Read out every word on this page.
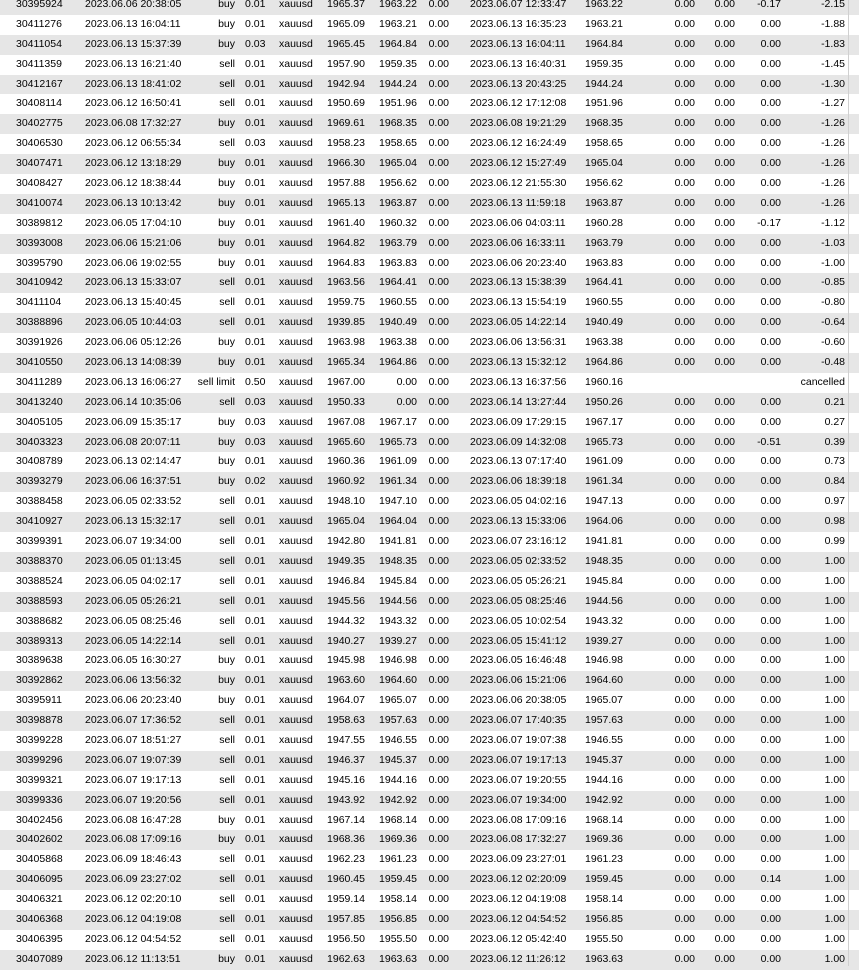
30395924	2023.06.06 20:38:05	buy 0.01	xauusd	1965.37	1963.22	0.00 2023.06.07 12:33:47	1963.22	0.00	0.00	-0.17	-2.15
30411276	2023.06.13 16:04:11	buy 0.01	xauusd	1965.09	1963.21	0.00 2023.06.13 16:35:23	1963.21	0.00	0.00	0.00	-1.88
30411054	2023.06.13 15:37:39	buy 0.03	xauusd	1965.45	1964.84	0.00 2023.06.13 16:04:11	1964.84	0.00	0.00	0.00	-1.83
30411359	2023.06.13 16:21:40	sell 0.01	xauusd	1957.90	1959.35	0.00 2023.06.13 16:40:31	1959.35	0.00	0.00	0.00	-1.45
30412167	2023.06.13 18:41:02	sell 0.01	xauusd	1942.94	1944.24	0.00 2023.06.13 20:43:25	1944.24	0.00	0.00	0.00	-1.30
30408114	2023.06.12 16:50:41	sell 0.01	xauusd	1950.69	1951.96	0.00 2023.06.12 17:12:08	1951.96	0.00	0.00	0.00	-1.27
30402775	2023.06.08 17:32:27	buy 0.01	xauusd	1969.61	1968.35	0.00 2023.06.08 19:21:29	1968.35	0.00	0.00	0.00	-1.26
30406530	2023.06.12 06:55:34	sell 0.03	xauusd	1958.23	1958.65	0.00 2023.06.12 16:24:49	1958.65	0.00	0.00	0.00	-1.26
30407471	2023.06.12 13:18:29	buy 0.01	xauusd	1966.30	1965.04	0.00 2023.06.12 15:27:49	1965.04	0.00	0.00	0.00	-1.26
30408427	2023.06.12 18:38:44	buy 0.01	xauusd	1957.88	1956.62	0.00 2023.06.12 21:55:30	1956.62	0.00	0.00	0.00	-1.26
30410074	2023.06.13 10:13:42	buy 0.01	xauusd	1965.13	1963.87	0.00 2023.06.13 11:59:18	1963.87	0.00	0.00	0.00	-1.26
30389812	2023.06.05 17:04:10	buy 0.01	xauusd	1961.40	1960.32	0.00 2023.06.06 04:03:11	1960.28	0.00	0.00	-0.17	-1.12
30393008	2023.06.06 15:21:06	buy 0.01	xauusd	1964.82	1963.79	0.00 2023.06.06 16:33:11	1963.79	0.00	0.00	0.00	-1.03
30395790	2023.06.06 19:02:55	buy 0.01	xauusd	1964.83	1963.83	0.00 2023.06.06 20:23:40	1963.83	0.00	0.00	0.00	-1.00
30410942	2023.06.13 15:33:07	sell 0.01	xauusd	1963.56	1964.41	0.00 2023.06.13 15:38:39	1964.41	0.00	0.00	0.00	-0.85
30411104	2023.06.13 15:40:45	sell 0.01	xauusd	1959.75	1960.55	0.00 2023.06.13 15:54:19	1960.55	0.00	0.00	0.00	-0.80
30388896	2023.06.05 10:44:03	sell 0.01	xauusd	1939.85	1940.49	0.00 2023.06.05 14:22:14	1940.49	0.00	0.00	0.00	-0.64
30391926	2023.06.06 05:12:26	buy 0.01	xauusd	1963.98	1963.38	0.00 2023.06.06 13:56:31	1963.38	0.00	0.00	0.00	-0.60
30410550	2023.06.13 14:08:39	buy 0.01	xauusd	1965.34	1964.86	0.00 2023.06.13 15:32:12	1964.86	0.00	0.00	0.00	-0.48
30411289	2023.06.13 16:06:27	sell limit 0.50	xauusd	1967.00	0.00	0.00 2023.06.13 16:37:56	1960.16	cancelled
30413240	2023.06.14 10:35:06	sell 0.03	xauusd	1950.33	0.00	0.00 2023.06.14 13:27:44	1950.26	0.00	0.00	0.00	0.21
30405105	2023.06.09 15:35:17	buy 0.03	xauusd	1967.08	1967.17	0.00 2023.06.09 17:29:15	1967.17	0.00	0.00	0.00	0.27
30403323	2023.06.08 20:07:11	buy 0.03	xauusd	1965.60	1965.73	0.00 2023.06.09 14:32:08	1965.73	0.00	0.00	-0.51	0.39
30408789	2023.06.13 02:14:47	buy 0.01	xauusd	1960.36	1961.09	0.00 2023.06.13 07:17:40	1961.09	0.00	0.00	0.00	0.73
30393279	2023.06.06 16:37:51	buy 0.02	xauusd	1960.92	1961.34	0.00 2023.06.06 18:39:18	1961.34	0.00	0.00	0.00	0.84
30388458	2023.06.05 02:33:52	sell 0.01	xauusd	1948.10	1947.10	0.00 2023.06.05 04:02:16	1947.13	0.00	0.00	0.00	0.97
30410927	2023.06.13 15:32:17	sell 0.01	xauusd	1965.04	1964.04	0.00 2023.06.13 15:33:06	1964.06	0.00	0.00	0.00	0.98
30399391	2023.06.07 19:34:00	sell 0.01	xauusd	1942.80	1941.81	0.00 2023.06.07 23:16:12	1941.81	0.00	0.00	0.00	0.99
30388370	2023.06.05 01:13:45	sell 0.01	xauusd	1949.35	1948.35	0.00 2023.06.05 02:33:52	1948.35	0.00	0.00	0.00	1.00
30388524	2023.06.05 04:02:17	sell 0.01	xauusd	1946.84	1945.84	0.00 2023.06.05 05:26:21	1945.84	0.00	0.00	0.00	1.00
30388593	2023.06.05 05:26:21	sell 0.01	xauusd	1945.56	1944.56	0.00 2023.06.05 08:25:46	1944.56	0.00	0.00	0.00	1.00
30388682	2023.06.05 08:25:46	sell 0.01	xauusd	1944.32	1943.32	0.00 2023.06.05 10:02:54	1943.32	0.00	0.00	0.00	1.00
30389313	2023.06.05 14:22:14	sell 0.01	xauusd	1940.27	1939.27	0.00 2023.06.05 15:41:12	1939.27	0.00	0.00	0.00	1.00
30389638	2023.06.05 16:30:27	buy 0.01	xauusd	1945.98	1946.98	0.00 2023.06.05 16:46:48	1946.98	0.00	0.00	0.00	1.00
30392862	2023.06.06 13:56:32	buy 0.01	xauusd	1963.60	1964.60	0.00 2023.06.06 15:21:06	1964.60	0.00	0.00	0.00	1.00
30395911	2023.06.06 20:23:40	buy 0.01	xauusd	1964.07	1965.07	0.00 2023.06.06 20:38:05	1965.07	0.00	0.00	0.00	1.00
30398878	2023.06.07 17:36:52	sell 0.01	xauusd	1958.63	1957.63	0.00 2023.06.07 17:40:35	1957.63	0.00	0.00	0.00	1.00
30399228	2023.06.07 18:51:27	sell 0.01	xauusd	1947.55	1946.55	0.00 2023.06.07 19:07:38	1946.55	0.00	0.00	0.00	1.00
30399296	2023.06.07 19:07:39	sell 0.01	xauusd	1946.37	1945.37	0.00 2023.06.07 19:17:13	1945.37	0.00	0.00	0.00	1.00
30399321	2023.06.07 19:17:13	sell 0.01	xauusd	1945.16	1944.16	0.00 2023.06.07 19:20:55	1944.16	0.00	0.00	0.00	1.00
30399336	2023.06.07 19:20:56	sell 0.01	xauusd	1943.92	1942.92	0.00 2023.06.07 19:34:00	1942.92	0.00	0.00	0.00	1.00
30402456	2023.06.08 16:47:28	buy 0.01	xauusd	1967.14	1968.14	0.00 2023.06.08 17:09:16	1968.14	0.00	0.00	0.00	1.00
30402602	2023.06.08 17:09:16	buy 0.01	xauusd	1968.36	1969.36	0.00 2023.06.08 17:32:27	1969.36	0.00	0.00	0.00	1.00
30405868	2023.06.09 18:46:43	sell 0.01	xauusd	1962.23	1961.23	0.00 2023.06.09 23:27:01	1961.23	0.00	0.00	0.00	1.00
30406095	2023.06.09 23:27:02	sell 0.01	xauusd	1960.45	1959.45	0.00 2023.06.12 02:20:09	1959.45	0.00	0.00	0.14	1.00
30406321	2023.06.12 02:20:10	sell 0.01	xauusd	1959.14	1958.14	0.00 2023.06.12 04:19:08	1958.14	0.00	0.00	0.00	1.00
30406368	2023.06.12 04:19:08	sell 0.01	xauusd	1957.85	1956.85	0.00 2023.06.12 04:54:52	1956.85	0.00	0.00	0.00	1.00
30406395	2023.06.12 04:54:52	sell 0.01	xauusd	1956.50	1955.50	0.00 2023.06.12 05:42:40	1955.50	0.00	0.00	0.00	1.00
30407089	2023.06.12 11:13:51	buy 0.01	xauusd	1962.63	1963.63	0.00 2023.06.12 11:26:12	1963.63	0.00	0.00	0.00	1.00
